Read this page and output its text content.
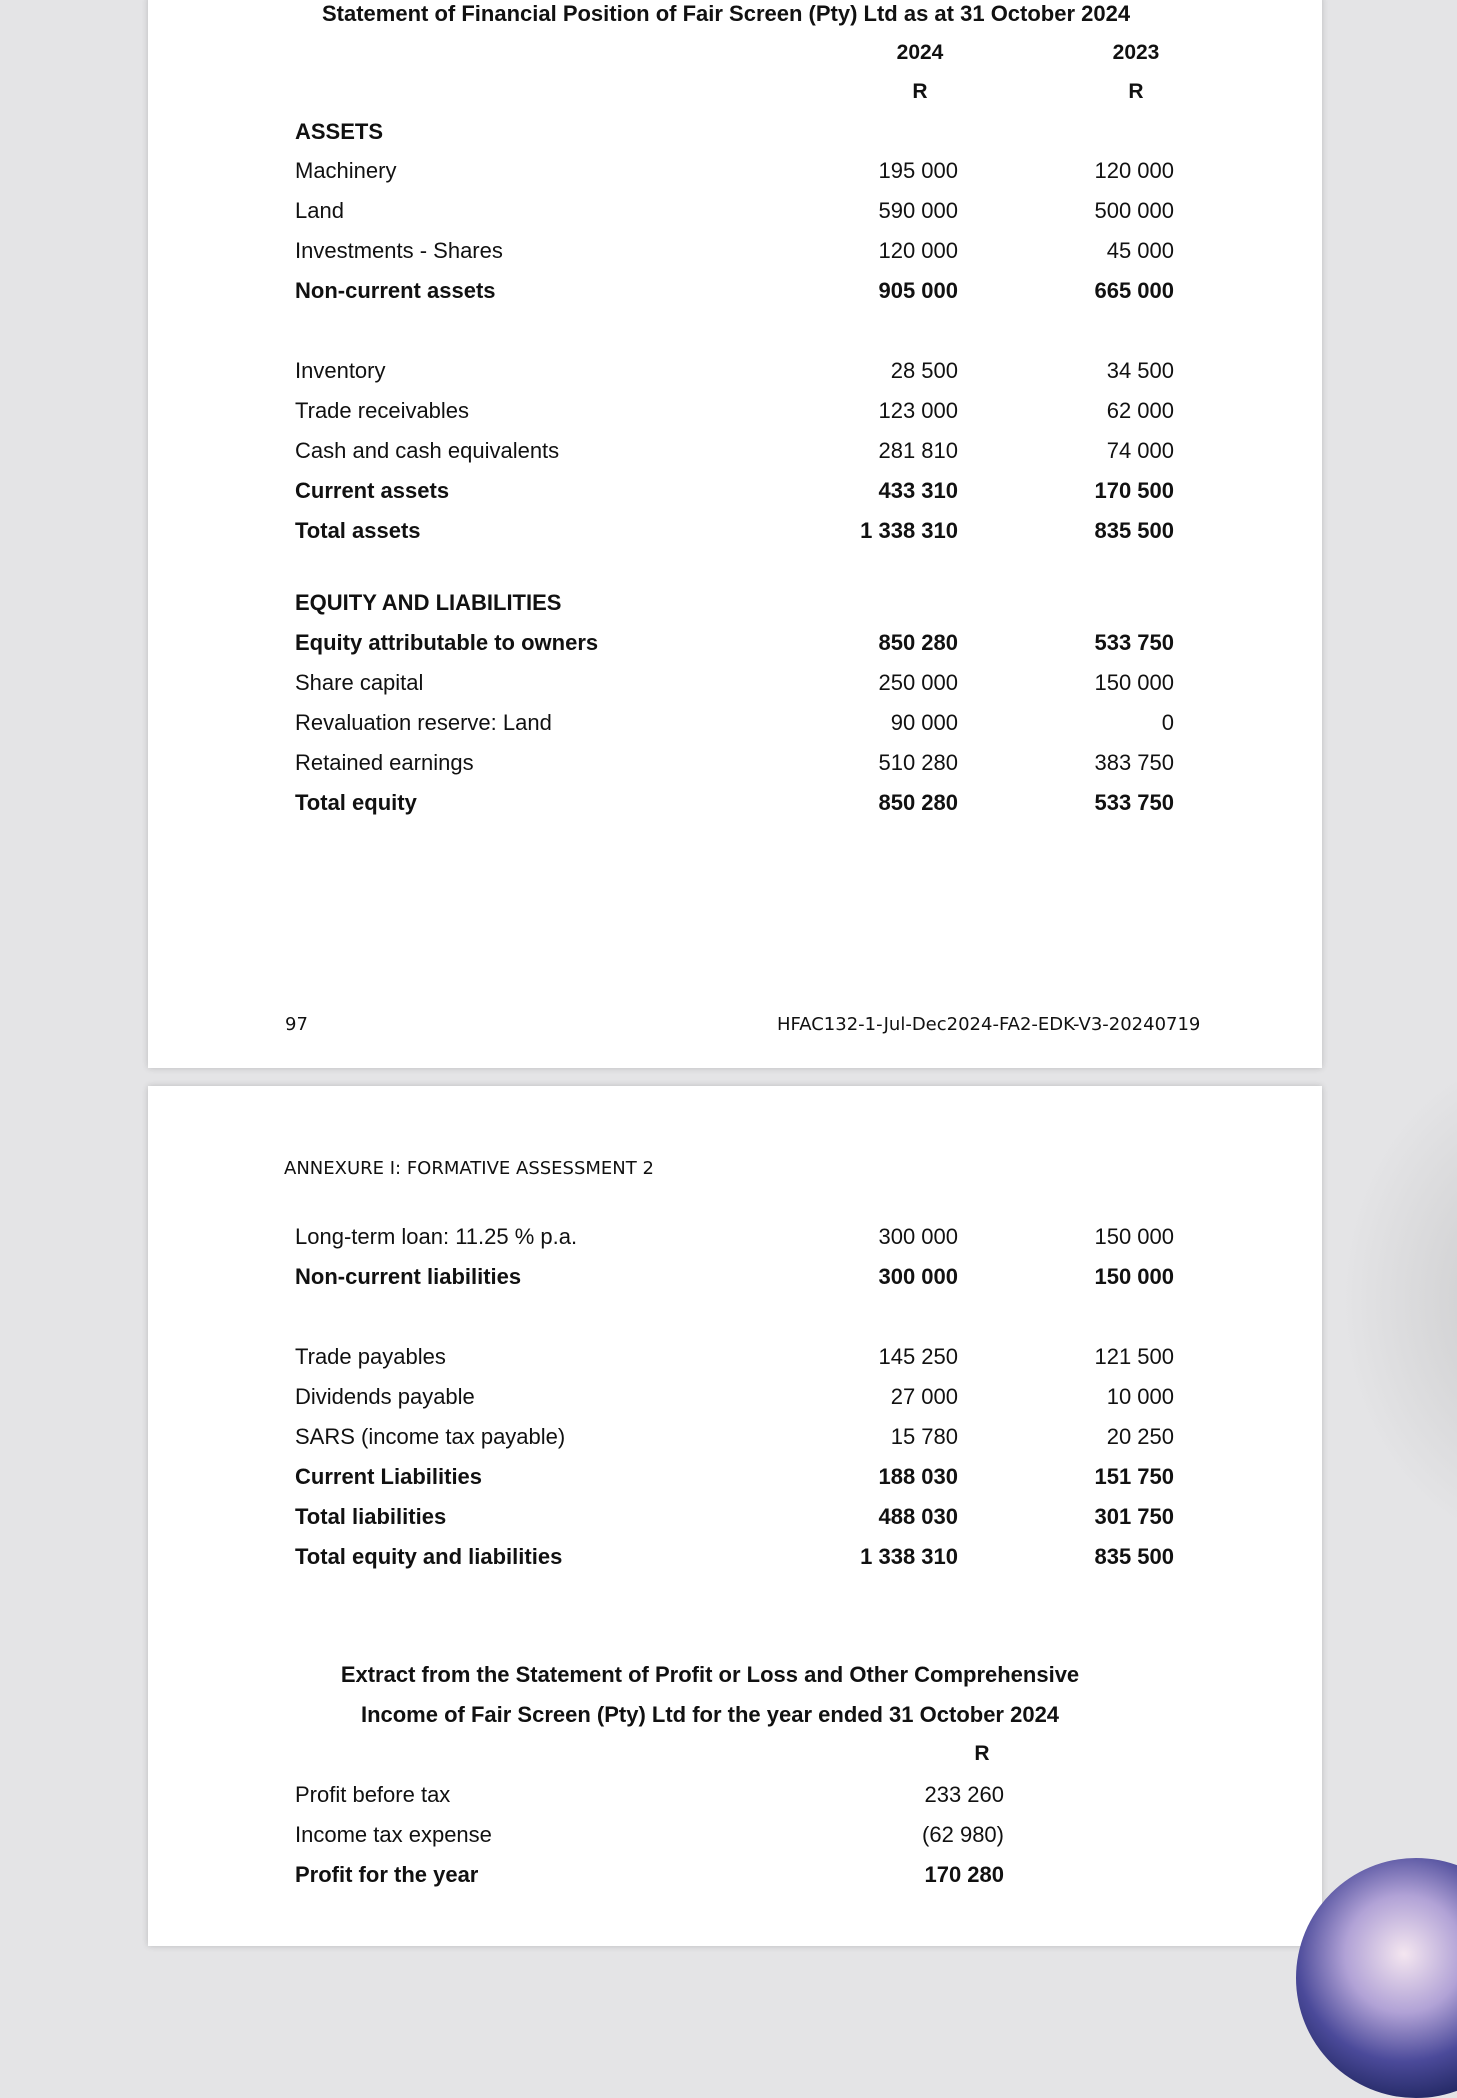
Statement of Financial Position of Fair Screen (Pty) Ltd as at 31 October 2024
2024	2023
R	R
ASSETS
EQUITY AND LIABILITIES
97	HFAC132-1-Jul-Dec2024-FA2-EDK-V3-20240719
Machinery	195 000	120 000
Land	590 000	500 000
Investments - Shares	120 000	45 000
Non-current assets	905 000	665 000
Inventory	28 500	34 500
Trade receivables	123 000	62 000
Cash and cash equivalents	281 810	74 000
Current assets	433 310	170 500
Total assets	1 338 310	835 500
Equity attributable to owners	850 280	533 750
Share capital	250 000	150 000
Revaluation reserve: Land	90 000	0
Retained earnings	510 280	383 750
Total equity	850 280	533 750
ANNEXURE I: FORMATIVE ASSESSMENT 2
Extract from the Statement of Profit or Loss and Other Comprehensive
Income of Fair Screen (Pty) Ltd for the year ended 31 October 2024
R
Long-term loan: 11.25 % p.a.	300 000	150 000
Non-current liabilities	300 000	150 000
Trade payables	145 250	121 500
Dividends payable	27 000	10 000
SARS (income tax payable)	15 780	20 250
Current Liabilities	188 030	151 750
Total liabilities	488 030	301 750
Total equity and liabilities	1 338 310	835 500
Profit before tax	233 260
Income tax expense	(62 980)
Profit for the year	170 280
